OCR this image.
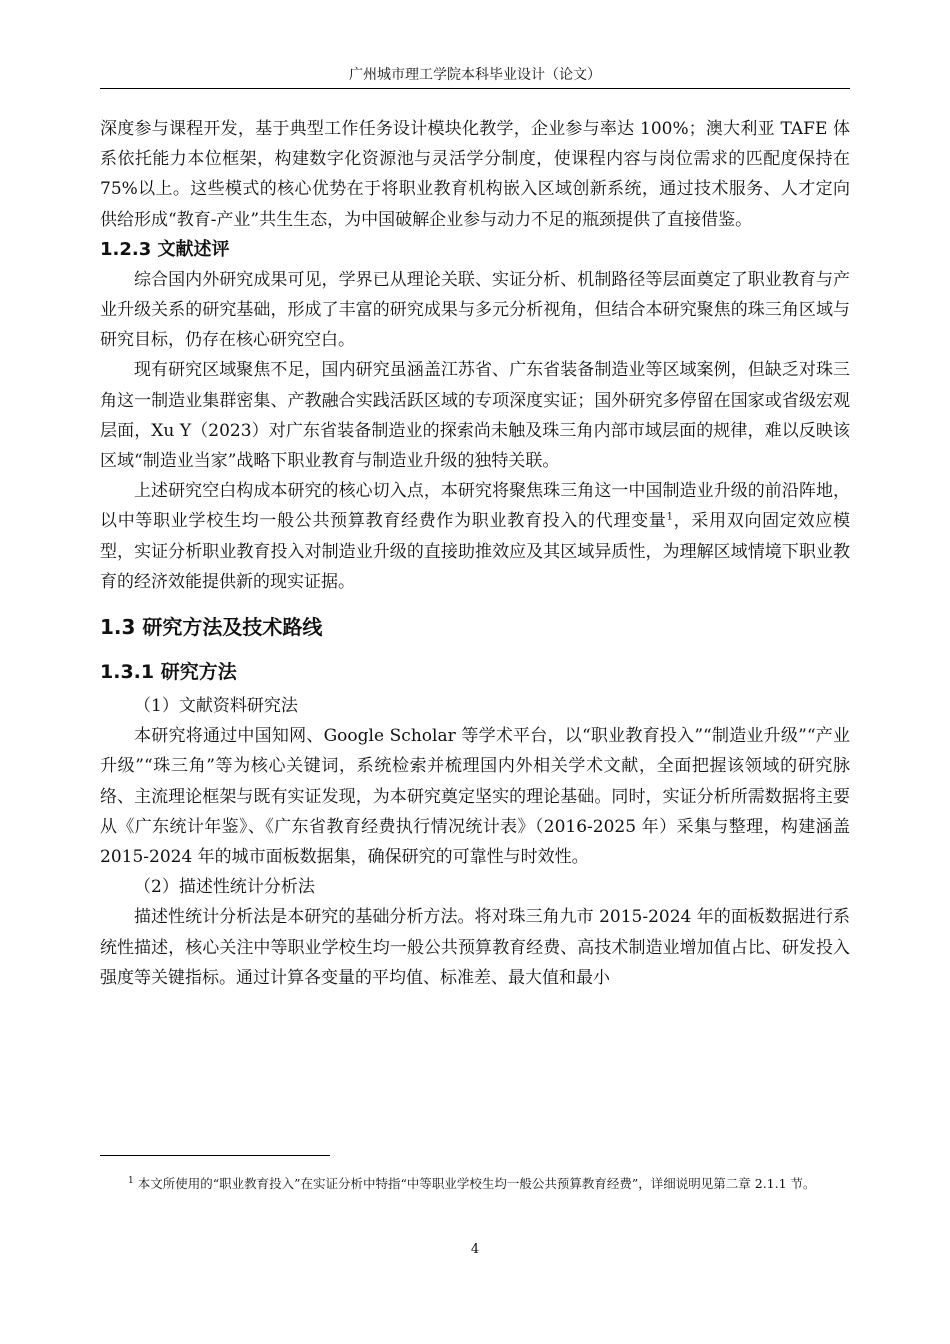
广州城市理工学院本科毕业设计（论文）

深度参与课程开发，基于典型工作任务设计模块化教学，企业参与率达 100%；澳大利亚 TAFE 体系依托能力本位框架，构建数字化资源池与灵活学分制度，使课程内容与岗位需求的匹配度保持在 75%以上。这些模式的核心优势在于将职业教育机构嵌入区域创新系统，通过技术服务、人才定向供给形成“教育-产业”共生生态，为中国破解企业参与动力不足的瓶颈提供了直接借鉴。

1.2.3 文献述评

综合国内外研究成果可见，学界已从理论关联、实证分析、机制路径等层面奠定了职业教育与产业升级关系的研究基础，形成了丰富的研究成果与多元分析视角，但结合本研究聚焦的珠三角区域与研究目标，仍存在核心研究空白。

现有研究区域聚焦不足，国内研究虽涵盖江苏省、广东省装备制造业等区域案例，但缺乏对珠三角这一制造业集群密集、产教融合实践活跃区域的专项深度实证；国外研究多停留在国家或省级宏观层面，Xu Y（2023）对广东省装备制造业的探索尚未触及珠三角内部市域层面的规律，难以反映该区域“制造业当家”战略下职业教育与制造业升级的独特关联。

上述研究空白构成本研究的核心切入点，本研究将聚焦珠三角这一中国制造业升级的前沿阵地，以中等职业学校生均一般公共预算教育经费作为职业教育投入的代理变量$^1$，采用双向固定效应模型，实证分析职业教育投入对制造业升级的直接助推效应及其区域异质性，为理解区域情境下职业教育的经济效能提供新的现实证据。

1.3 研究方法及技术路线
1.3.1 研究方法

（1）文献资料研究法

本研究将通过中国知网、Google Scholar 等学术平台，以“职业教育投入”“制造业升级”“产业升级”“珠三角”等为核心关键词，系统检索并梳理国内外相关学术文献，全面把握该领域的研究脉络、主流理论框架与既有实证发现，为本研究奠定坚实的理论基础。同时，实证分析所需数据将主要从《广东统计年鉴》、《广东省教育经费执行情况统计表》（2016-2025 年）采集与整理，构建涵盖 2015-2024 年的城市面板数据集，确保研究的可靠性与时效性。

（2）描述性统计分析法

描述性统计分析法是本研究的基础分析方法。将对珠三角九市 2015-2024 年的面板数据进行系统性描述，核心关注中等职业学校生均一般公共预算教育经费、高技术制造业增加值占比、研发投入强度等关键指标。通过计算各变量的平均值、标准差、最大值和最小

$^1$ 本文所使用的“职业教育投入”在实证分析中特指“中等职业学校生均一般公共预算教育经费”，详细说明见第二章 2.1.1 节。
4
